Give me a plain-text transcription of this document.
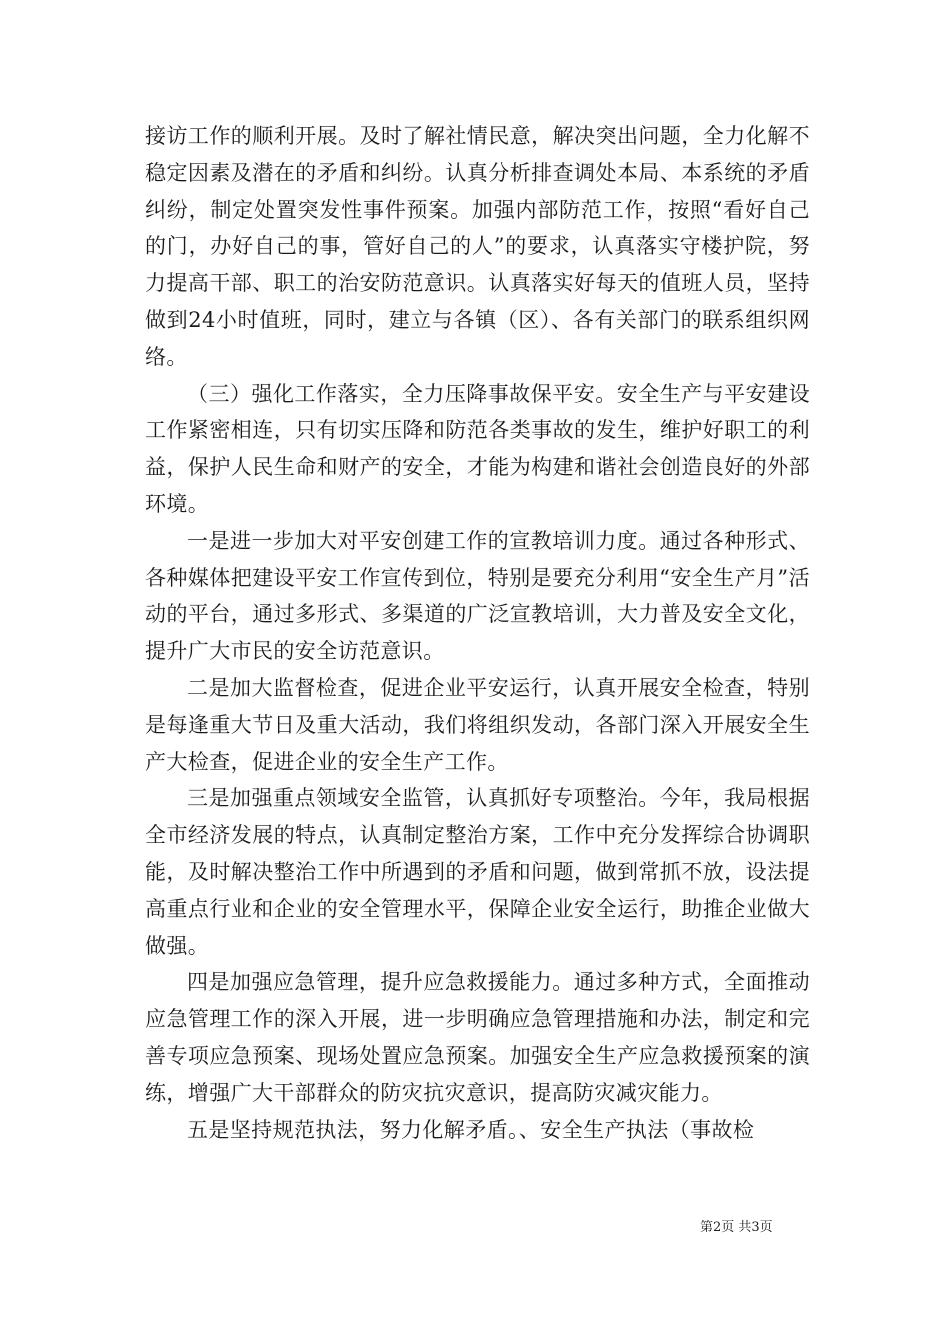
接访工作的顺利开展。及时了解社情民意，解决突出问题，全力化解不稳定因素及潜在的矛盾和纠纷。认真分析排查调处本局、本系统的矛盾纠纷，制定处置突发性事件预案。加强内部防范工作，按照“看好自己的门，办好自己的事，管好自己的人”的要求，认真落实守楼护院，努力提高干部、职工的治安防范意识。认真落实好每天的值班人员，坚持做到24小时值班，同时，建立与各镇（区）、各有关部门的联系组织网络。

（三）强化工作落实，全力压降事故保平安。安全生产与平安建设工作紧密相连，只有切实压降和防范各类事故的发生，维护好职工的利益，保护人民生命和财产的安全，才能为构建和谐社会创造良好的外部环境。

一是进一步加大对平安创建工作的宣教培训力度。通过各种形式、各种媒体把建设平安工作宣传到位，特别是要充分利用“安全生产月”活动的平台，通过多形式、多渠道的广泛宣教培训，大力普及安全文化，提升广大市民的安全访范意识。

二是加大监督检查，促进企业平安运行，认真开展安全检查，特别是每逢重大节日及重大活动，我们将组织发动，各部门深入开展安全生产大检查，促进企业的安全生产工作。

三是加强重点领域安全监管，认真抓好专项整治。今年，我局根据全市经济发展的特点，认真制定整治方案，工作中充分发挥综合协调职能，及时解决整治工作中所遇到的矛盾和问题，做到常抓不放，设法提高重点行业和企业的安全管理水平，保障企业安全运行，助推企业做大做强。

四是加强应急管理，提升应急救援能力。通过多种方式，全面推动应急管理工作的深入开展，进一步明确应急管理措施和办法，制定和完善专项应急预案、现场处置应急预案。加强安全生产应急救援预案的演练，增强广大干部群众的防灾抗灾意识，提高防灾减灾能力。

五是坚持规范执法，努力化解矛盾。、安全生产执法（事故检

第2页 共3页
